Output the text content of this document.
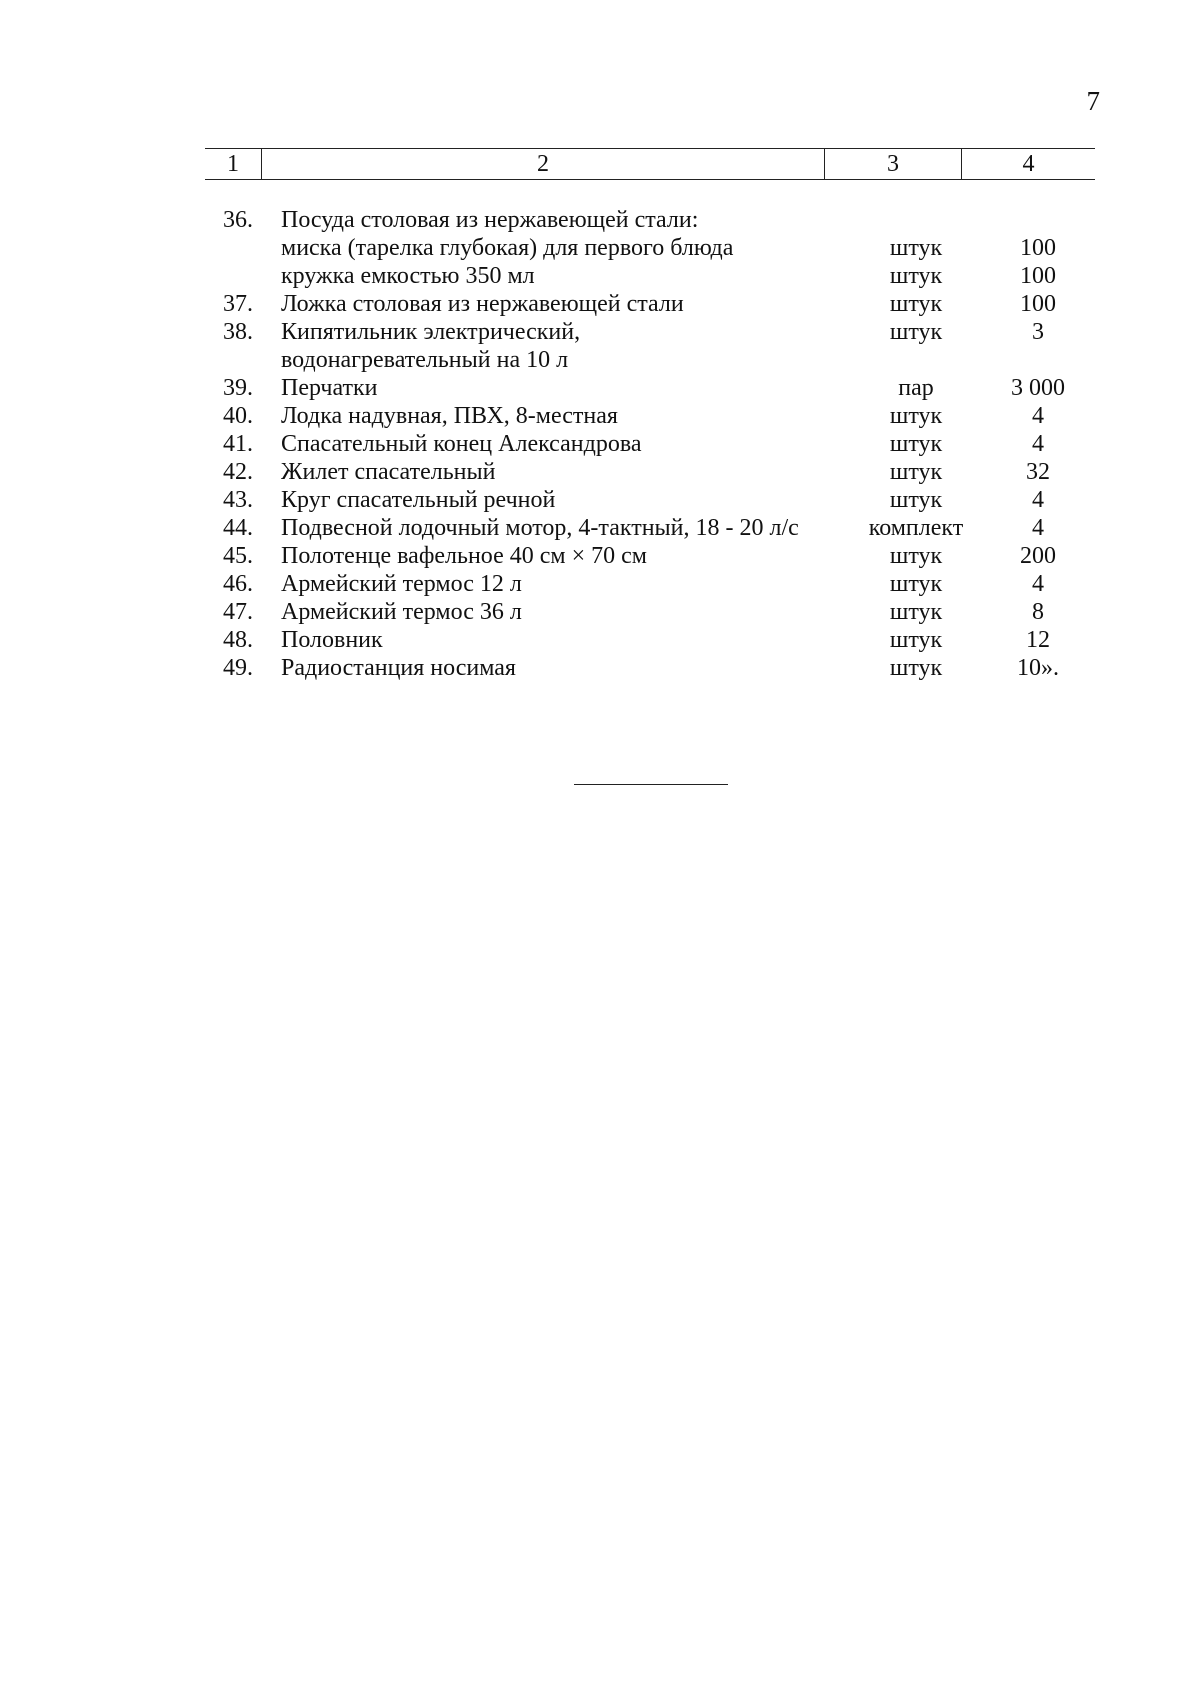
7
1	2	3	4
36.	Посуда столовая из нержавеющей стали:
миска (тарелка глубокая) для первого блюда	штук	100
кружка емкостью 350 мл	штук	100
37.	Ложка столовая из нержавеющей стали	штук	100
38.	Кипятильник электрический,	штук	3
водонагревательный на 10 л
39.	Перчатки	пар	3 000
40.	Лодка надувная, ПВХ, 8-местная	штук	4
41.	Спасательный конец Александрова	штук	4
42.	Жилет спасательный	штук	32
43.	Круг спасательный речной	штук	4
44.	Подвесной лодочный мотор, 4-тактный, 18 - 20 л/с	комплект	4
45.	Полотенце вафельное 40 см × 70 см	штук	200
46.	Армейский термос 12 л	штук	4
47.	Армейский термос 36 л	штук	8
48.	Половник	штук	12
49.	Радиостанция носимая	штук	10».
